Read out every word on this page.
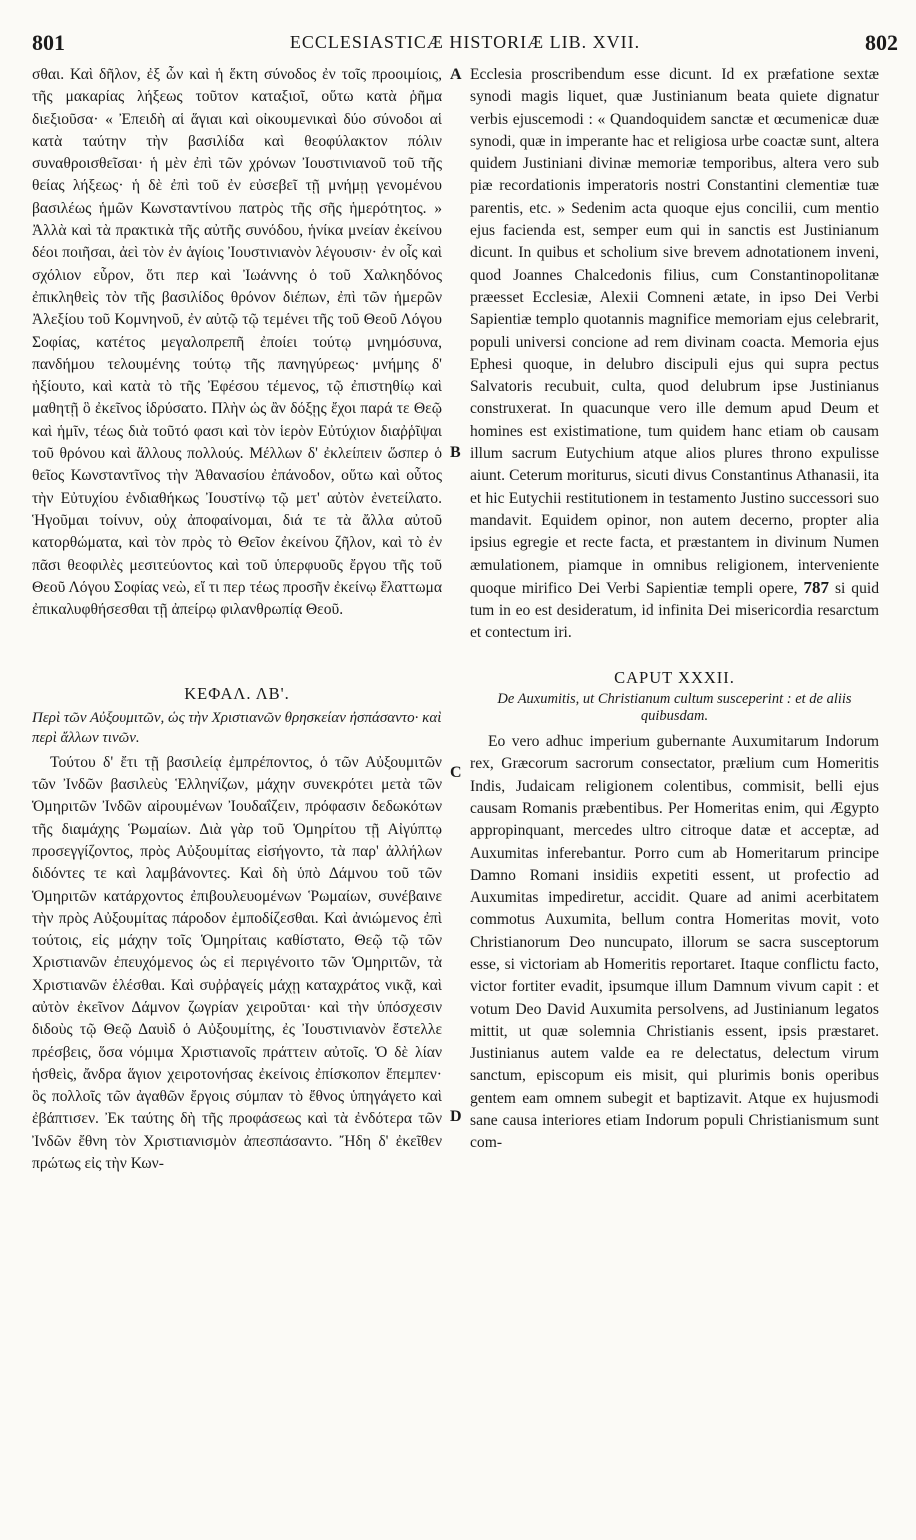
801	ECCLESIASTICÆ HISTORIÆ LIB. XVII.	802
A
B
C
D

σθαι. Καὶ δῆλον, ἐξ ὧν καὶ ἡ ἕκτη σύνοδος ἐν τοῖς προοιμίοις, τῆς μακαρίας λήξεως τοῦτον καταξιοῖ, οὕτω κατὰ ῥῆμα διεξιοῦσα· « Ἐπειδὴ αἱ ἅγιαι καὶ οἰκουμενικαὶ δύο σύνοδοι αἱ κατὰ ταύτην τὴν βασιλίδα καὶ θεοφύλακτον πόλιν συναθροισθεῖσαι· ἡ μὲν ἐπὶ τῶν χρόνων Ἰουστινιανοῦ τοῦ τῆς θείας λήξεως· ἡ δὲ ἐπὶ τοῦ ἐν εὐσεβεῖ τῇ μνήμῃ γενομένου βασιλέως ἡμῶν Κωνσταντίνου πατρὸς τῆς σῆς ἡμερότητος. » Ἀλλὰ καὶ τὰ πρακτικὰ τῆς αὐτῆς συνόδου, ἡνίκα μνείαν ἐκείνου δέοι ποιῆσαι, ἀεὶ τὸν ἐν ἁγίοις Ἰουστινιανὸν λέγουσιν· ἐν οἷς καὶ σχόλιον εὗρον, ὅτι περ καὶ Ἰωάννης ὁ τοῦ Χαλκηδόνος ἐπικληθεὶς τὸν τῆς βασιλίδος θρόνον διέπων, ἐπὶ τῶν ἡμερῶν Ἀλεξίου τοῦ Κομνηνοῦ, ἐν αὐτῷ τῷ τεμένει τῆς τοῦ Θεοῦ Λόγου Σοφίας, κατέτος μεγαλοπρεπῆ ἐποίει τούτῳ μνημόσυνα, πανδήμου τελουμένης τούτῳ τῆς πανηγύρεως· μνήμης δ' ἠξίουτο, καὶ κατὰ τὸ τῆς Ἐφέσου τέμενος, τῷ ἐπιστηθίῳ καὶ μαθητῇ ὃ ἐκεῖνος ἱδρύσατο. Πλὴν ὡς ἂν δόξῃς ἔχοι παρά τε Θεῷ καὶ ἡμῖν, τέως διὰ τοῦτό φασι καὶ τὸν ἱερὸν Εὐτύχιον διαῤῥῖψαι τοῦ θρόνου καὶ ἄλλους πολλούς. Μέλλων δ' ἐκλείπειν ὥσπερ ὁ θεῖος Κωνσταντῖνος τὴν Ἀθανασίου ἐπάνοδον, οὕτω καὶ οὗτος τὴν Εὐτυχίου ἐνδιαθήκως Ἰουστίνῳ τῷ μετ' αὐτὸν ἐνετείλατο. Ἡγοῦμαι τοίνυν, οὐχ ἀποφαίνομαι, διά τε τὰ ἄλλα αὐτοῦ κατορθώματα, καὶ τὸν πρὸς τὸ Θεῖον ἐκείνου ζῆλον, καὶ τὸ ἐν πᾶσι θεοφιλὲς μεσιτεύοντος καὶ τοῦ ὑπερφυοῦς ἔργου τῆς τοῦ Θεοῦ Λόγου Σοφίας νεὼ, εἴ τι περ τέως προσῆν ἐκείνῳ ἔλαττωμα ἐπικαλυφθήσεσθαι τῇ ἀπείρῳ φιλανθρωπίᾳ Θεοῦ.

ΚΕΦΑΛ. ΛΒ'.
Περὶ τῶν Αὐξουμιτῶν, ὡς τὴν Χριστιανῶν θρησκείαν ἠσπάσαντο· καὶ περὶ ἄλλων τινῶν.

Τούτου δ' ἔτι τῇ βασιλείᾳ ἐμπρέποντος, ὁ τῶν Αὐξουμιτῶν τῶν Ἰνδῶν βασιλεὺς Ἑλληνίζων, μάχην συνεκρότει μετὰ τῶν Ὁμηριτῶν Ἰνδῶν αἱρουμένων Ἰουδαΐζειν, πρόφασιν δεδωκότων τῆς διαμάχης Ῥωμαίων. Διὰ γὰρ τοῦ Ὁμηρίτου τῇ Αἰγύπτῳ προσεγγίζοντος, πρὸς Αὐξουμίτας εἰσήγοντο, τὰ παρ' ἀλλήλων διδόντες τε καὶ λαμβάνοντες. Καὶ δὴ ὑπὸ Δάμνου τοῦ τῶν Ὁμηριτῶν κατάρχοντος ἐπιβουλευομένων Ῥωμαίων, συνέβαινε τὴν πρὸς Αὐξουμίτας πάροδον ἐμποδίζεσθαι. Καὶ ἀνιώμενος ἐπὶ τούτοις, εἰς μάχην τοῖς Ὁμηρίταις καθίστατο, Θεῷ τῷ τῶν Χριστιανῶν ἐπευχόμενος ὡς εἰ περιγένοιτο τῶν Ὁμηριτῶν, τὰ Χριστιανῶν ἑλέσθαι. Καὶ συῤῥαγείς μάχῃ καταχράτος νικᾷ, καὶ αὐτὸν ἐκεῖνον Δάμνον ζωγρίαν χειροῦται· καὶ τὴν ὑπόσχεσιν διδοὺς τῷ Θεῷ Δαυὶδ ὁ Αὐξουμίτης, ἐς Ἰουστινιανὸν ἔστελλε πρέσβεις, ὅσα νόμιμα Χριστιανοῖς πράττειν αὐτοῖς. Ὁ δὲ λίαν ἡσθεὶς, ἄνδρα ἅγιον χειροτονήσας ἐκείνοις ἐπίσκοπον ἔπεμπεν· ὃς πολλοῖς τῶν ἀγαθῶν ἔργοις σύμπαν τὸ ἔθνος ὑπηγάγετο καὶ ἐβάπτισεν. Ἐκ ταύτης δὴ τῆς προφάσεως καὶ τὰ ἐνδότερα τῶν Ἰνδῶν ἔθνη τὸν Χριστιανισμὸν ἀπεσπάσαντο. Ἤδη δ' ἐκεῖθεν πρώτως εἰς τὴν Κων-

Ecclesia proscribendum esse dicunt. Id ex præfatione sextæ synodi magis liquet, quæ Justinianum beata quiete dignatur verbis ejuscemodi : « Quandoquidem sanctæ et œcumenicæ duæ synodi, quæ in imperante hac et religiosa urbe coactæ sunt, altera quidem Justiniani divinæ memoriæ temporibus, altera vero sub piæ recordationis imperatoris nostri Constantini clementiæ tuæ parentis, etc. » Sedenim acta quoque ejus concilii, cum mentio ejus facienda est, semper eum qui in sanctis est Justinianum dicunt. In quibus et scholium sive brevem adnotationem inveni, quod Joannes Chalcedonis filius, cum Constantinopolitanæ præesset Ecclesiæ, Alexii Comneni ætate, in ipso Dei Verbi Sapientiæ templo quotannis magnifice memoriam ejus celebrarit, populi universi concione ad rem divinam coacta. Memoria ejus Ephesi quoque, in delubro discipuli ejus qui supra pectus Salvatoris recubuit, culta, quod delubrum ipse Justinianus construxerat. In quacunque vero ille demum apud Deum et homines est existimatione, tum quidem hanc etiam ob causam illum sacrum Eutychium atque alios plures throno expulisse aiunt. Ceterum moriturus, sicuti divus Constantinus Athanasii, ita et hic Eutychii restitutionem in testamento Justino successori suo mandavit. Equidem opinor, non autem decerno, propter alia ipsius egregie et recte facta, et præstantem in divinum Numen æmulationem, piamque in omnibus religionem, interveniente quoque mirifico Dei Verbi Sapientiæ templi opere, 787 si quid tum in eo est desideratum, id infinita Dei misericordia resarctum et contectum iri.

CAPUT XXXII.
De Auxumitis, ut Christianum cultum susceperint : et de aliis quibusdam.

Eo vero adhuc imperium gubernante Auxumitarum Indorum rex, Græcorum sacrorum consectator, prælium cum Homeritis Indis, Judaicam religionem colentibus, commisit, belli ejus causam Romanis præbentibus. Per Homeritas enim, qui Ægypto appropinquant, mercedes ultro citroque datæ et acceptæ, ad Auxumitas inferebantur. Porro cum ab Homeritarum principe Damno Romani insidiis expetiti essent, ut profectio ad Auxumitas impediretur, accidit. Quare ad animi acerbitatem commotus Auxumita, bellum contra Homeritas movit, voto Christianorum Deo nuncupato, illorum se sacra susceptorum esse, si victoriam ab Homeritis reportaret. Itaque conflictu facto, victor fortiter evadit, ipsumque illum Damnum vivum capit : et votum Deo David Auxumita persolvens, ad Justinianum legatos mittit, ut quæ solemnia Christianis essent, ipsis præstaret. Justinianus autem valde ea re delectatus, delectum virum sanctum, episcopum eis misit, qui plurimis bonis operibus gentem eam omnem subegit et baptizavit. Atque ex hujusmodi sane causa interiores etiam Indorum populi Christianismum sunt com-
